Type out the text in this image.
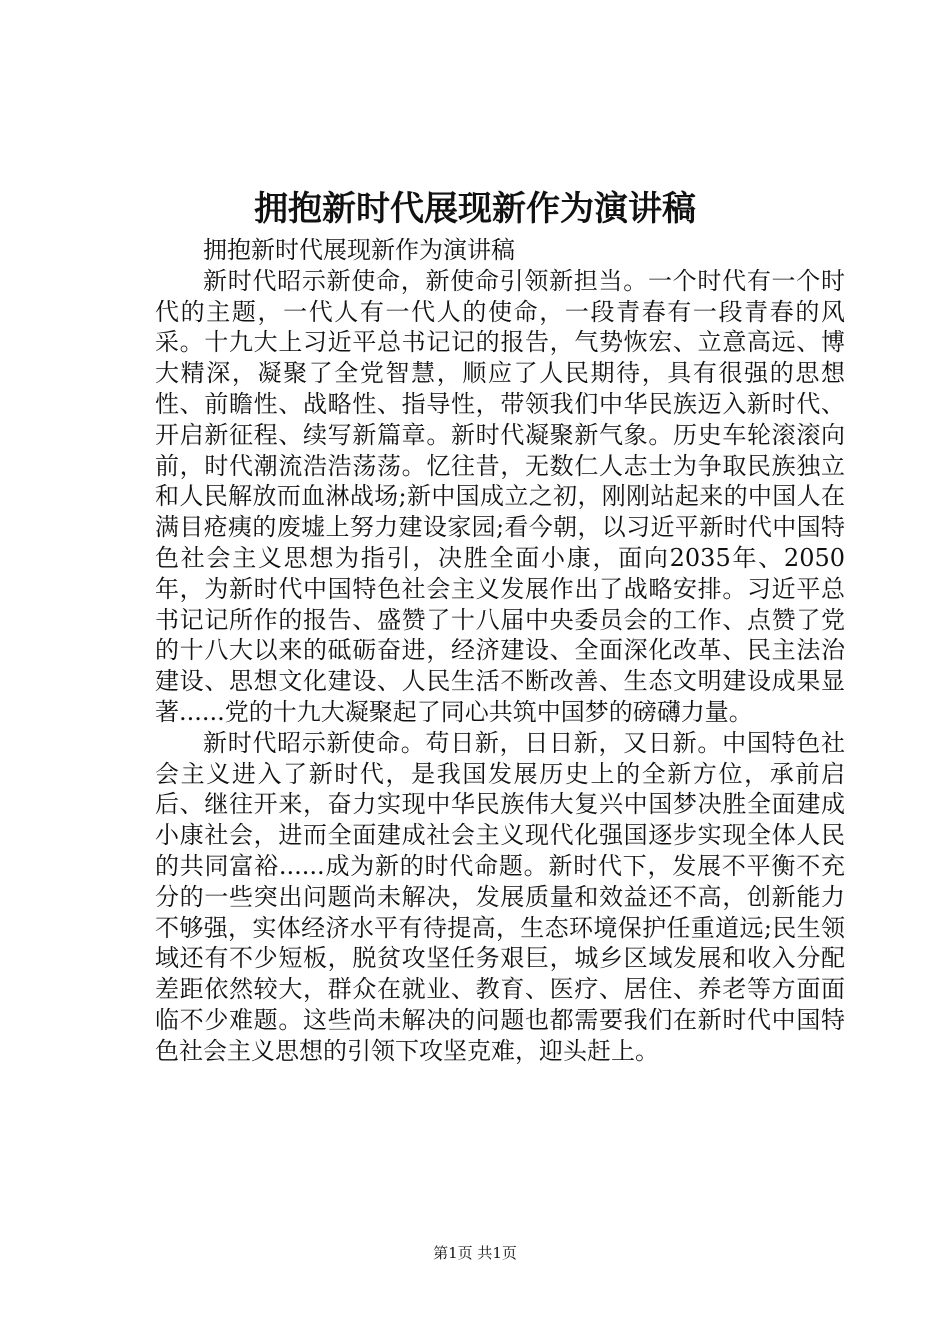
拥抱新时代展现新作为演讲稿

拥抱新时代展现新作为演讲稿

新时代昭示新使命，新使命引领新担当。一个时代有一个时代的主题，一代人有一代人的使命，一段青春有一段青春的风采。十九大上习近平总书记记的报告，气势恢宏、立意高远、博大精深，凝聚了全党智慧，顺应了人民期待，具有很强的思想性、前瞻性、战略性、指导性，带领我们中华民族迈入新时代、开启新征程、续写新篇章。新时代凝聚新气象。历史车轮滚滚向前，时代潮流浩浩荡荡。忆往昔，无数仁人志士为争取民族独立和人民解放而血淋战场;新中国成立之初，刚刚站起来的中国人在满目疮痍的废墟上努力建设家园;看今朝，以习近平新时代中国特色社会主义思想为指引，决胜全面小康，面向2035年、2050年，为新时代中国特色社会主义发展作出了战略安排。习近平总书记记所作的报告、盛赞了十八届中央委员会的工作、点赞了党的十八大以来的砥砺奋进，经济建设、全面深化改革、民主法治建设、思想文化建设、人民生活不断改善、生态文明建设成果显著......党的十九大凝聚起了同心共筑中国梦的磅礴力量。

新时代昭示新使命。苟日新，日日新，又日新。中国特色社会主义进入了新时代，是我国发展历史上的全新方位，承前启后、继往开来，奋力实现中华民族伟大复兴中国梦决胜全面建成小康社会，进而全面建成社会主义现代化强国逐步实现全体人民的共同富裕......成为新的时代命题。新时代下，发展不平衡不充分的一些突出问题尚未解决，发展质量和效益还不高，创新能力不够强，实体经济水平有待提高，生态环境保护任重道远;民生领域还有不少短板，脱贫攻坚任务艰巨，城乡区域发展和收入分配差距依然较大，群众在就业、教育、医疗、居住、养老等方面面临不少难题。这些尚未解决的问题也都需要我们在新时代中国特色社会主义思想的引领下攻坚克难，迎头赶上。

第1页 共1页
